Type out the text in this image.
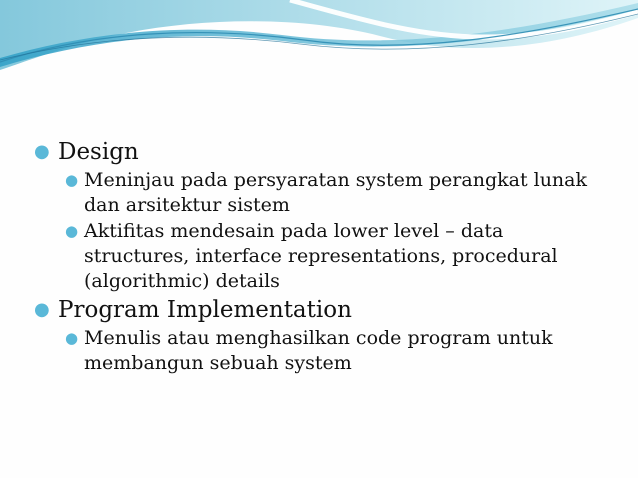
● Design
● Meninjau pada persyaratan system perangkat lunak dan arsitektur sistem
● Aktifitas mendesain pada lower level – data structures, interface representations, procedural (algorithmic) details
● Program Implementation
● Menulis atau menghasilkan code program untuk membangun sebuah system
